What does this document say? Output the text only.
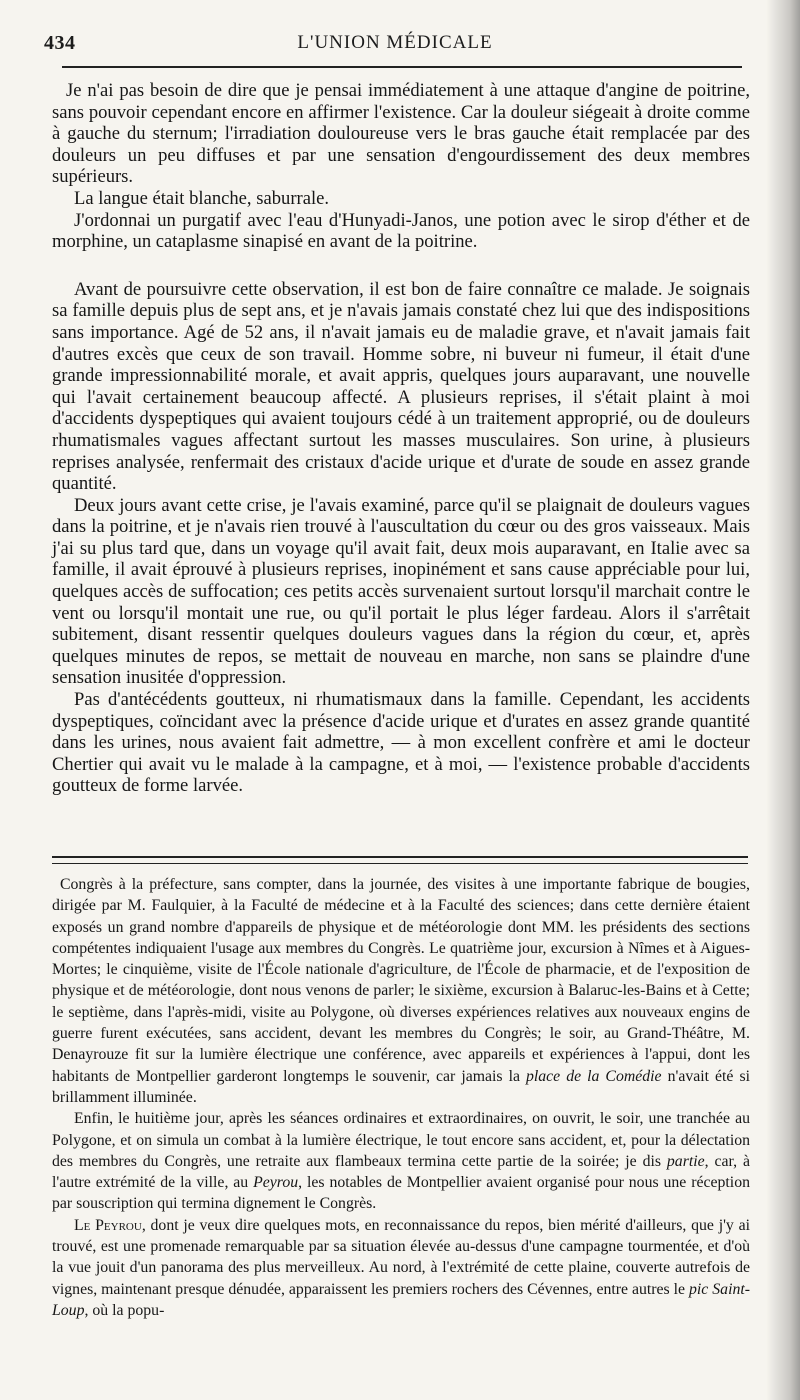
434	L'UNION MÉDICALE

Je n'ai pas besoin de dire que je pensai immédiatement à une attaque d'angine de poitrine, sans pouvoir cependant encore en affirmer l'existence. Car la douleur siégeait à droite comme à gauche du sternum; l'irradiation douloureuse vers le bras gauche était remplacée par des douleurs un peu diffuses et par une sensation d'engourdissement des deux membres supérieurs.

La langue était blanche, saburrale.

J'ordonnai un purgatif avec l'eau d'Hunyadi-Janos, une potion avec le sirop d'éther et de morphine, un cataplasme sinapisé en avant de la poitrine.

Avant de poursuivre cette observation, il est bon de faire connaître ce malade. Je soignais sa famille depuis plus de sept ans, et je n'avais jamais constaté chez lui que des indispositions sans importance. Agé de 52 ans, il n'avait jamais eu de maladie grave, et n'avait jamais fait d'autres excès que ceux de son travail. Homme sobre, ni buveur ni fumeur, il était d'une grande impressionnabilité morale, et avait appris, quelques jours auparavant, une nouvelle qui l'avait certainement beaucoup affecté. A plusieurs reprises, il s'était plaint à moi d'accidents dyspeptiques qui avaient toujours cédé à un traitement approprié, ou de douleurs rhumatismales vagues affectant surtout les masses musculaires. Son urine, à plusieurs reprises analysée, renfermait des cristaux d'acide urique et d'urate de soude en assez grande quantité.

Deux jours avant cette crise, je l'avais examiné, parce qu'il se plaignait de douleurs vagues dans la poitrine, et je n'avais rien trouvé à l'auscultation du cœur ou des gros vaisseaux. Mais j'ai su plus tard que, dans un voyage qu'il avait fait, deux mois auparavant, en Italie avec sa famille, il avait éprouvé à plusieurs reprises, inopinément et sans cause appréciable pour lui, quelques accès de suffocation; ces petits accès survenaient surtout lorsqu'il marchait contre le vent ou lorsqu'il montait une rue, ou qu'il portait le plus léger fardeau. Alors il s'arrêtait subitement, disant ressentir quelques douleurs vagues dans la région du cœur, et, après quelques minutes de repos, se mettait de nouveau en marche, non sans se plaindre d'une sensation inusitée d'oppression.

Pas d'antécédents goutteux, ni rhumatismaux dans la famille. Cependant, les accidents dyspeptiques, coïncidant avec la présence d'acide urique et d'urates en assez grande quantité dans les urines, nous avaient fait admettre, — à mon excellent confrère et ami le docteur Chertier qui avait vu le malade à la campagne, et à moi, — l'existence probable d'accidents goutteux de forme larvée.

Congrès à la préfecture, sans compter, dans la journée, des visites à une importante fabrique de bougies, dirigée par M. Faulquier, à la Faculté de médecine et à la Faculté des sciences; dans cette dernière étaient exposés un grand nombre d'appareils de physique et de météorologie dont MM. les présidents des sections compétentes indiquaient l'usage aux membres du Congrès. Le quatrième jour, excursion à Nîmes et à Aigues-Mortes; le cinquième, visite de l'École nationale d'agriculture, de l'École de pharmacie, et de l'exposition de physique et de météorologie, dont nous venons de parler; le sixième, excursion à Balaruc-les-Bains et à Cette; le septième, dans l'après-midi, visite au Polygone, où diverses expériences relatives aux nouveaux engins de guerre furent exécutées, sans accident, devant les membres du Congrès; le soir, au Grand-Théâtre, M. Denayrouze fit sur la lumière électrique une conférence, avec appareils et expériences à l'appui, dont les habitants de Montpellier garderont longtemps le souvenir, car jamais la place de la Comédie n'avait été si brillamment illuminée.

Enfin, le huitième jour, après les séances ordinaires et extraordinaires, on ouvrit, le soir, une tranchée au Polygone, et on simula un combat à la lumière électrique, le tout encore sans accident, et, pour la délectation des membres du Congrès, une retraite aux flambeaux termina cette partie de la soirée; je dis partie, car, à l'autre extrémité de la ville, au Peyrou, les notables de Montpellier avaient organisé pour nous une réception par souscription qui termina dignement le Congrès.

Le Peyrou, dont je veux dire quelques mots, en reconnaissance du repos, bien mérité d'ailleurs, que j'y ai trouvé, est une promenade remarquable par sa situation élevée au-dessus d'une campagne tourmentée, et d'où la vue jouit d'un panorama des plus merveilleux. Au nord, à l'extrémité de cette plaine, couverte autrefois de vignes, maintenant presque dénudée, apparaissent les premiers rochers des Cévennes, entre autres le pic Saint-Loup, où la popu-
